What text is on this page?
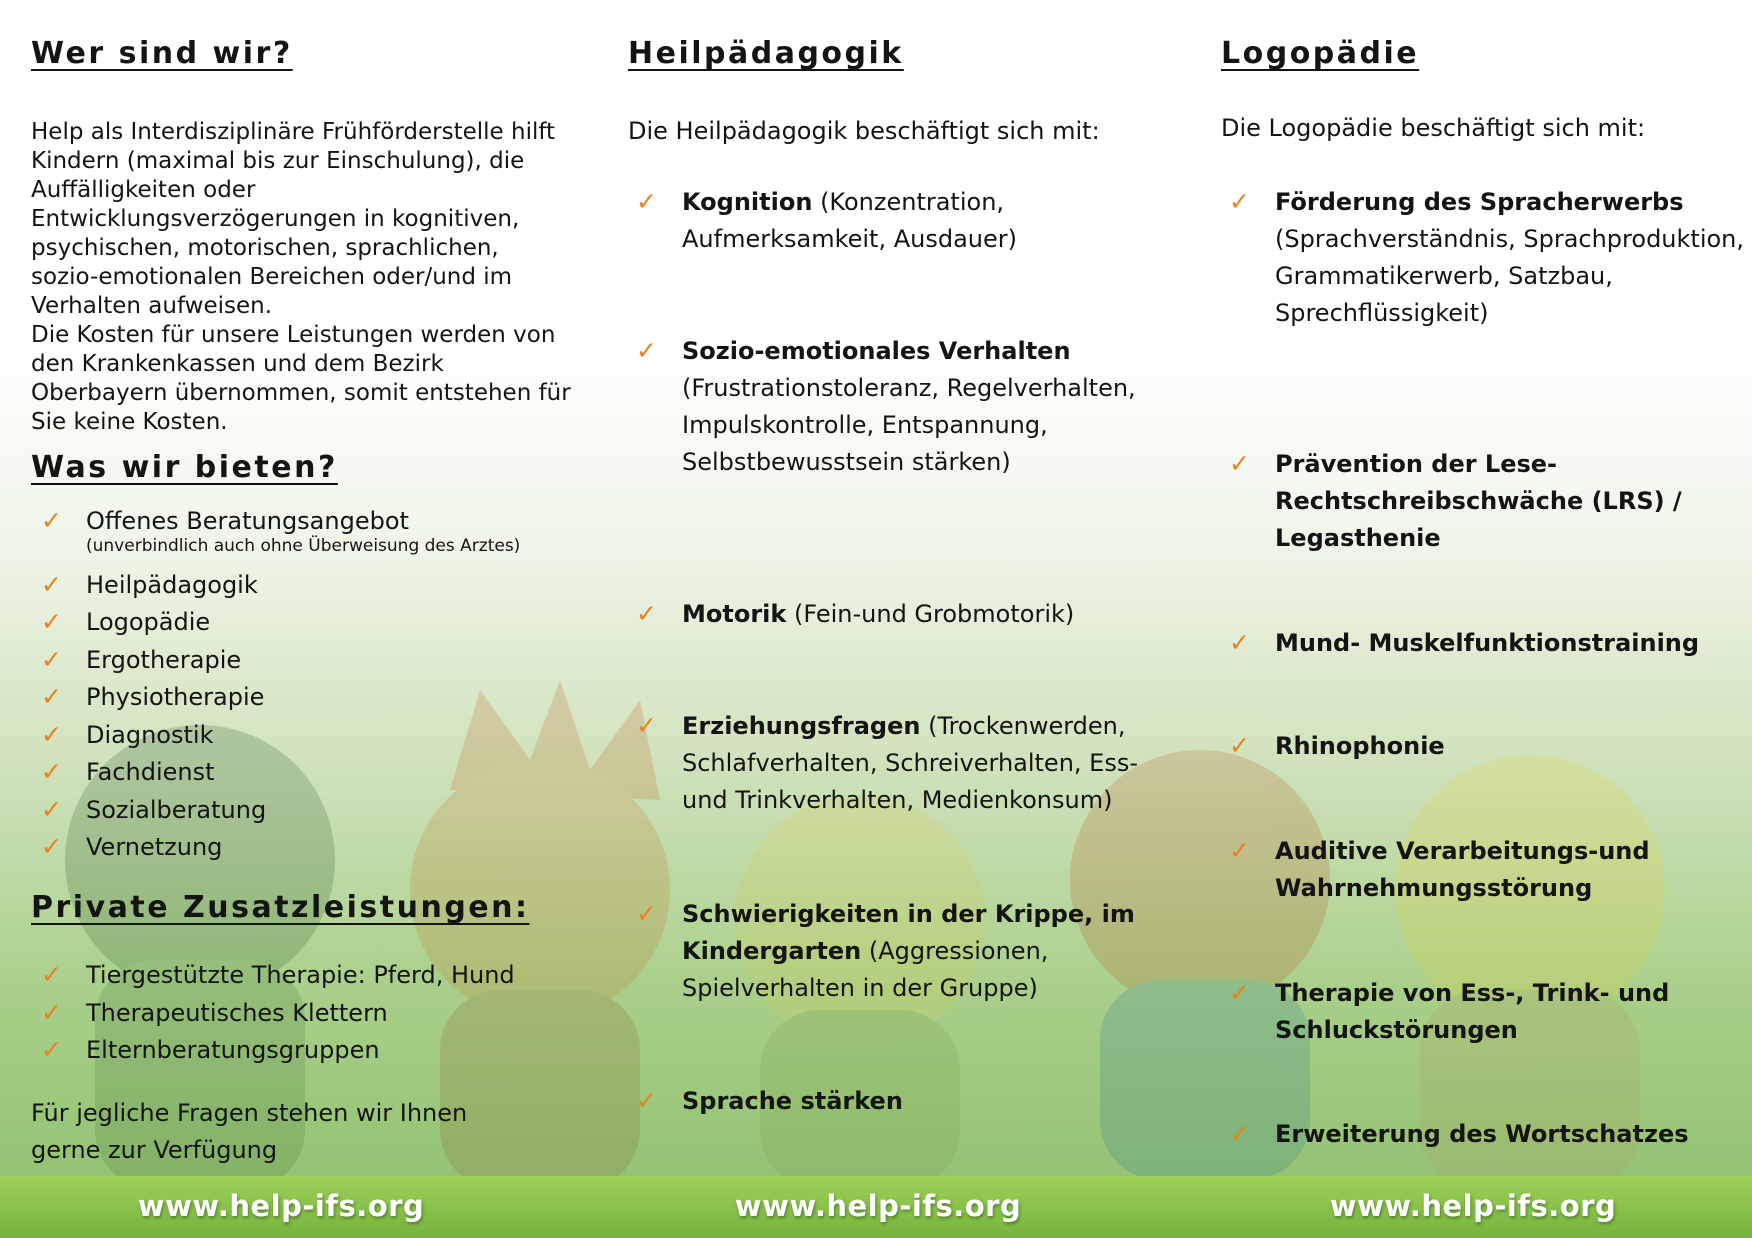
Wer sind wir?

Help als Interdisziplinäre Frühförderstelle hilft Kindern (maximal bis zur Einschulung), die Auffälligkeiten oder Entwicklungsverzögerungen in kognitiven, psychischen, motorischen, sprachlichen, sozio-emotionalen Bereichen oder/und im Verhalten aufweisen.

Die Kosten für unsere Leistungen werden von den Krankenkassen und dem Bezirk Oberbayern übernommen, somit entstehen für Sie keine Kosten.

Was wir bieten?
✓ Offenes Beratungsangebot
(unverbindlich auch ohne Überweisung des Arztes)
✓ Heilpädagogik
✓ Logopädie
✓ Ergotherapie
✓ Physiotherapie
✓ Diagnostik
✓ Fachdienst
✓ Sozialberatung
✓ Vernetzung
Private Zusatzleistungen:
✓ Tiergestützte Therapie: Pferd, Hund
✓ Therapeutisches Klettern
✓ Elternberatungsgruppen

Für jegliche Fragen stehen wir Ihnen gerne zur Verfügung

Heilpädagogik

Die Heilpädagogik beschäftigt sich mit:

✓ Kognition (Konzentration, Aufmerksamkeit, Ausdauer)
✓ Sozio-emotionales Verhalten (Frustrationstoleranz, Regelverhalten, Impulskontrolle, Entspannung, Selbstbewusstsein stärken)
✓ Motorik (Fein-und Grobmotorik)
✓ Erziehungsfragen (Trockenwerden, Schlafverhalten, Schreiverhalten, Ess-und Trinkverhalten, Medienkonsum)
✓ Schwierigkeiten in der Krippe, im Kindergarten (Aggressionen, Spielverhalten in der Gruppe)
✓ Sprache stärken
Logopädie

Die Logopädie beschäftigt sich mit:

✓ Förderung des Spracherwerbs (Sprachverständnis, Sprachproduktion, Grammatikerwerb, Satzbau, Sprechflüssigkeit)
✓ Prävention der Lese-Rechtschreibschwäche (LRS) / Legasthenie
✓ Mund- Muskelfunktionstraining
✓ Rhinophonie
✓ Auditive Verarbeitungs-und Wahrnehmungsstörung
✓ Therapie von Ess-, Trink- und Schluckstörungen
✓ Erweiterung des Wortschatzes
www.help-ifs.org	www.help-ifs.org	www.help-ifs.org
